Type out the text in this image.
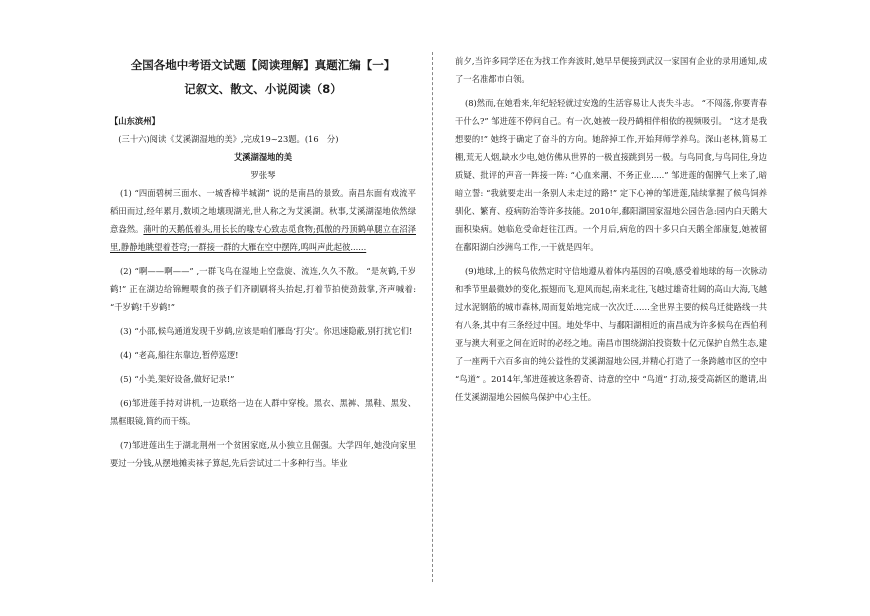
全国各地中考语文试题【阅读理解】真题汇编【一】
记叙文、散文、小说阅读（8）

【山东滨州】

(三十六)阅读《艾溪湖湿地的美》,完成19~23题。(16　分)

艾溪湖湿地的美

罗张琴

(1) “四面碧树三面水、一城香樟半城湖” 说的是南昌的景致。南昌东面有戏流平稻田而过,经年累月,数顷之地壊现湖光,世人称之为艾溪湖。秋事,艾溪湖湿地依然绿意盎然。蒲叶的天鹅低着头,用长长的喙专心致志觅食物;孤傲的丹顶鹤单腿立在沼泽里,静静地眺望着苍穹;一群接一群的大雁在空中摆阵,鸣叫声此起彼......

(2) “啊——啊——” ,一群飞鸟在湿地上空盘旋、流连,久久不散。 “是灰鹤,千岁鹤!” 正在湖边给锦鲤喂食的孩子们齐刷刷将头抬起,打着节拍使劲鼓掌,齐声喊着: “千岁鹤!千岁鹤!”

(3) “小邵,候鸟通道发现千岁鹤,应该是咱们雁岛‘打尖’。你迅速隐蔽,别打扰它们!

(4) “老高,船往东靠边,暂停巡逻!

(5) “小美,架好设备,做好记录!”

(6)邹进莲手持对讲机,一边联络一边在人群中穿梭。黑衣、黑裤、黑鞋、黑发、黑框眼镜,简约而干练。

(7)邹进莲出生于湖北荆州一个贫困家庭,从小独立且倔强。大学四年,她没向家里要过一分钱,从摆地摊卖袜子算起,先后尝试过二十多种行当。毕业

前夕,当许多同学还在为找工作奔波时,她早早便接到武汉一家国有企业的录用通知,成了一名准都市白领。

(8)然而,在她看来,年纪轻轻就过安逸的生活容易让人丧失斗志。 “不闯荡,你要青春干什么?” 邹进莲不停问自己。有一次,她被一段丹鹤相伴相依的视频吸引。 “这才是我想要的!” 她终于确定了奋斗的方向。她辞掉工作,开始拜师学养鸟。深山老林,简易工棚,荒无人烟,缺水少电,她仿佛从世界的一极直接跳到另一极。与鸟同食,与鸟同住,身边质疑、批评的声音一阵接一阵: “心血来潮、不务正业.....” 邹进莲的倔脾气上来了,暗暗立誓: “我就要走出一条别人未走过的路!” 定下心神的邹进莲,陆续掌握了候鸟饲养驯化、繁育、疫病防治等许多技能。2010年,鄱阳湖国家湿地公园告急:园内白天鹅大面积染病。她临危受命赶往江西。一个月后,病危的四十多只白天鹅全部康复,她被留在鄱阳湖白沙洲鸟工作,一干就是四年。

(9)地球,上的候鸟依然定时守信地遵从着体内基因的召唤,感受着地球的每一次脉动和季节里最微妙的变化,振翅而飞,迎风而起,南来北往,飞越过雄奇壮阔的高山大海,飞越过水泥钢筋的城市森林,周而复始地完成一次次迁……全世界主要的候鸟迁徙路线一共有八条,其中有三条经过中国。地处华中、与鄱阳湖相近的南昌成为许多候鸟在西伯利亚与澳大利亚之间在近时的必经之地。南昌市围绕湖泊投资数十亿元保护自然生态,建了一座两千六百多亩的纯公益性的艾溪湖湿地公园,并精心打造了一条跨越市区的空中 “鸟道” 。2014年,邹进莲被这条碧奇、诗意的空中 “鸟道” 打动,接受高新区的邀请,出任艾溪湖湿地公园候鸟保护中心主任。
